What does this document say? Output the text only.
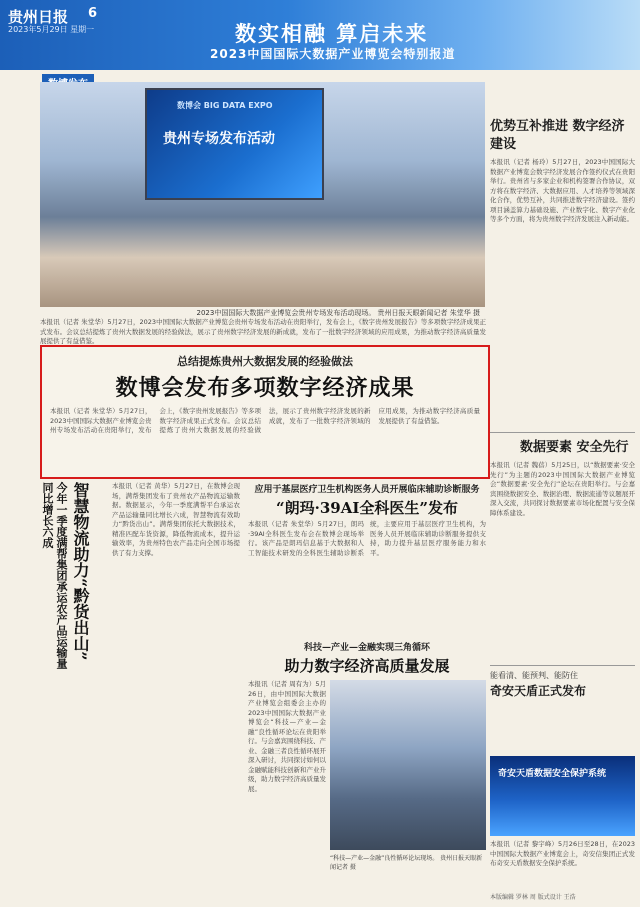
贵州日报 6
2023年5月29日 星期一	数实相融 算启未来
2023中国国际大数据产业博览会特别报道
数博会 BIG DATA EXPO
贵州专场发布活动
2023中国国际大数据产业博览会贵州专场发布活动现场。 贵州日报天眼新闻记者 朱堂华 摄
优势互补推进 数字经济建设
本报讯（记者 杨玲）5月27日，2023中国国际大数据产业博览会数字经济发展合作签约仪式在贵阳举行。贵州省与多家企业和机构签署合作协议，双方将在数字经济、大数据应用、人才培养等领域深化合作，优势互补，共同推进数字经济建设。签约项目涵盖算力基础设施、产业数字化、数字产业化等多个方面，将为贵州数字经济发展注入新动能。
数据要素 安全先行
本报讯（记者 魏蓓）5月25日，以“数据要素·安全先行”为主题的2023中国国际大数据产业博览会“数据要素·安全先行”论坛在贵阳举行。与会嘉宾围绕数据安全、数据治理、数据流通等议题展开深入交流，共同探讨数据要素市场化配置与安全保障体系建设。
能看清、能预判、能防住
奇安天盾正式发布
奇安天盾数据安全保护系统
本报讯（记者 黎宇峰）5月26日至28日，在2023中国国际大数据产业博览会上，奇安信集团正式发布奇安天盾数据安全保护系统。
本版编辑 罗林 周 版式设计 王浩
本报讯（记者 朱堂华）5月27日，2023中国国际大数据产业博览会贵州专场发布活动在贵阳举行，发布会上，《数字贵州发展报告》等多项数字经济成果正式发布。会议总结提炼了贵州大数据发展的经验做法，展示了贵州数字经济发展的新成就，发布了一批数字经济领域的应用成果，为推动数字经济高质量发展提供了有益借鉴。
总结提炼贵州大数据发展的经验做法
数博会发布多项数字经济成果
本报讯（记者 朱堂华）5月27日，2023中国国际大数据产业博览会贵州专场发布活动在贵阳举行，发布会上，《数字贵州发展报告》等多项数字经济成果正式发布。会议总结提炼了贵州大数据发展的经验做法，展示了贵州数字经济发展的新成就，发布了一批数字经济领域的应用成果，为推动数字经济高质量发展提供了有益借鉴。
今年一季度满帮集团承运农产品运输量同比增长六成	智慧物流助力“黔货出山”	本报讯（记者 黄华）5月27日，在数博会现场，满帮集团发布了贵州农产品物流运输数据。数据显示，今年一季度满帮平台承运农产品运输量同比增长六成，智慧物流有效助力“黔货出山”。满帮集团依托大数据技术，精准匹配车货资源，降低物流成本，提升运输效率，为贵州特色农产品走向全国市场提供了有力支撑。
应用于基层医疗卫生机构医务人员开展临床辅助诊断服务
“朗玛·39AI全科医生”发布
本报讯（记者 朱堂华）5月27日，朗玛·39AI全科医生发布会在数博会现场举行。该产品是朗玛信息基于大数据和人工智能技术研发的全科医生辅助诊断系统，主要应用于基层医疗卫生机构，为医务人员开展临床辅助诊断服务提供支持，助力提升基层医疗服务能力和水平。
科技—产业—金融实现三角循环
助力数字经济高质量发展
本报讯（记者 周有为）5月26日，由中国国际大数据产业博览会组委会主办的2023中国国际大数据产业博览会“科技—产业—金融”良性循环论坛在贵阳举行。与会嘉宾围绕科技、产业、金融三者良性循环展开深入研讨，共同探讨如何以金融赋能科技创新和产业升级，助力数字经济高质量发展。
“科技—产业—金融”良性循环论坛现场。 贵州日报天眼新闻记者 摄
